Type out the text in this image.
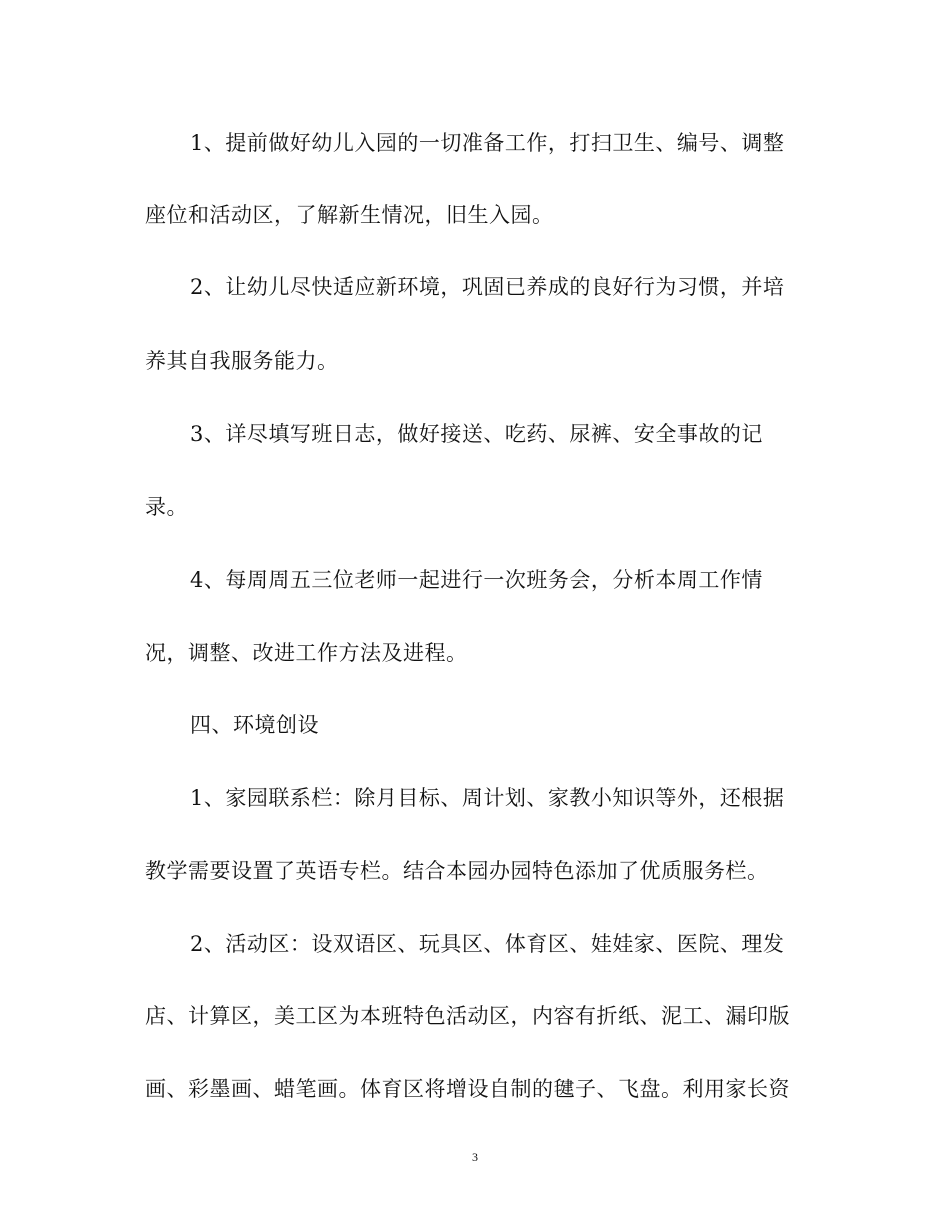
1、提前做好幼儿入园的一切准备工作，打扫卫生、编号、调整
座位和活动区，了解新生情况，旧生入园。
2、让幼儿尽快适应新环境，巩固已养成的良好行为习惯，并培
养其自我服务能力。
3、详尽填写班日志，做好接送、吃药、尿裤、安全事故的记
录。
4、每周周五三位老师一起进行一次班务会，分析本周工作情
况，调整、改进工作方法及进程。
四、环境创设
1、家园联系栏：除月目标、周计划、家教小知识等外，还根据
教学需要设置了英语专栏。结合本园办园特色添加了优质服务栏。
2、活动区：设双语区、玩具区、体育区、娃娃家、医院、理发
店、计算区，美工区为本班特色活动区，内容有折纸、泥工、漏印版
画、彩墨画、蜡笔画。体育区将增设自制的毽子、飞盘。利用家长资
3
